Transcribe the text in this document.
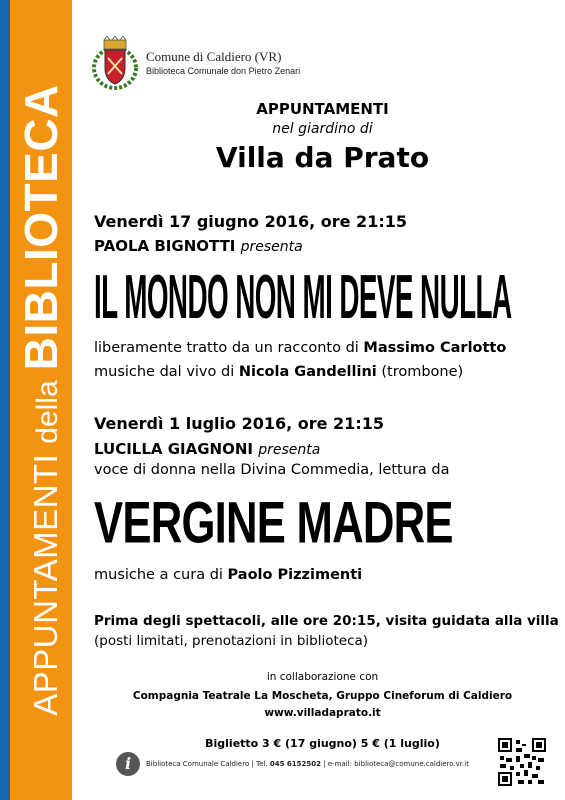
APPUNTAMENTI
della
BIBLIOTECA
Comune di Caldiero (VR)
Biblioteca Comunale don Pietro Zenari
APPUNTAMENTI
nel giardino di
Villa da Prato
Venerdì 17 giugno 2016, ore 21:15
PAOLA BIGNOTTI presenta
IL MONDO NON MI DEVE NULLA
liberamente tratto da un racconto di Massimo Carlotto
musiche dal vivo di Nicola Gandellini (trombone)
Venerdì 1 luglio 2016, ore 21:15
LUCILLA GIAGNONI presenta
voce di donna nella Divina Commedia, lettura da
VERGINE MADRE
musiche a cura di Paolo Pizzimenti
Prima degli spettacoli, alle ore 20:15, visita guidata alla villa
(posti limitati, prenotazioni in biblioteca)
in collaborazione con
Compagnia Teatrale La Moscheta, Gruppo Cineforum di Caldiero
www.villadaprato.it
Biglietto 3 € (17 giugno) 5 € (1 luglio)
i	Biblioteca Comunale Caldiero | Tel. 045 6152502 | e-mail: biblioteca@comune.caldiero.vr.it
